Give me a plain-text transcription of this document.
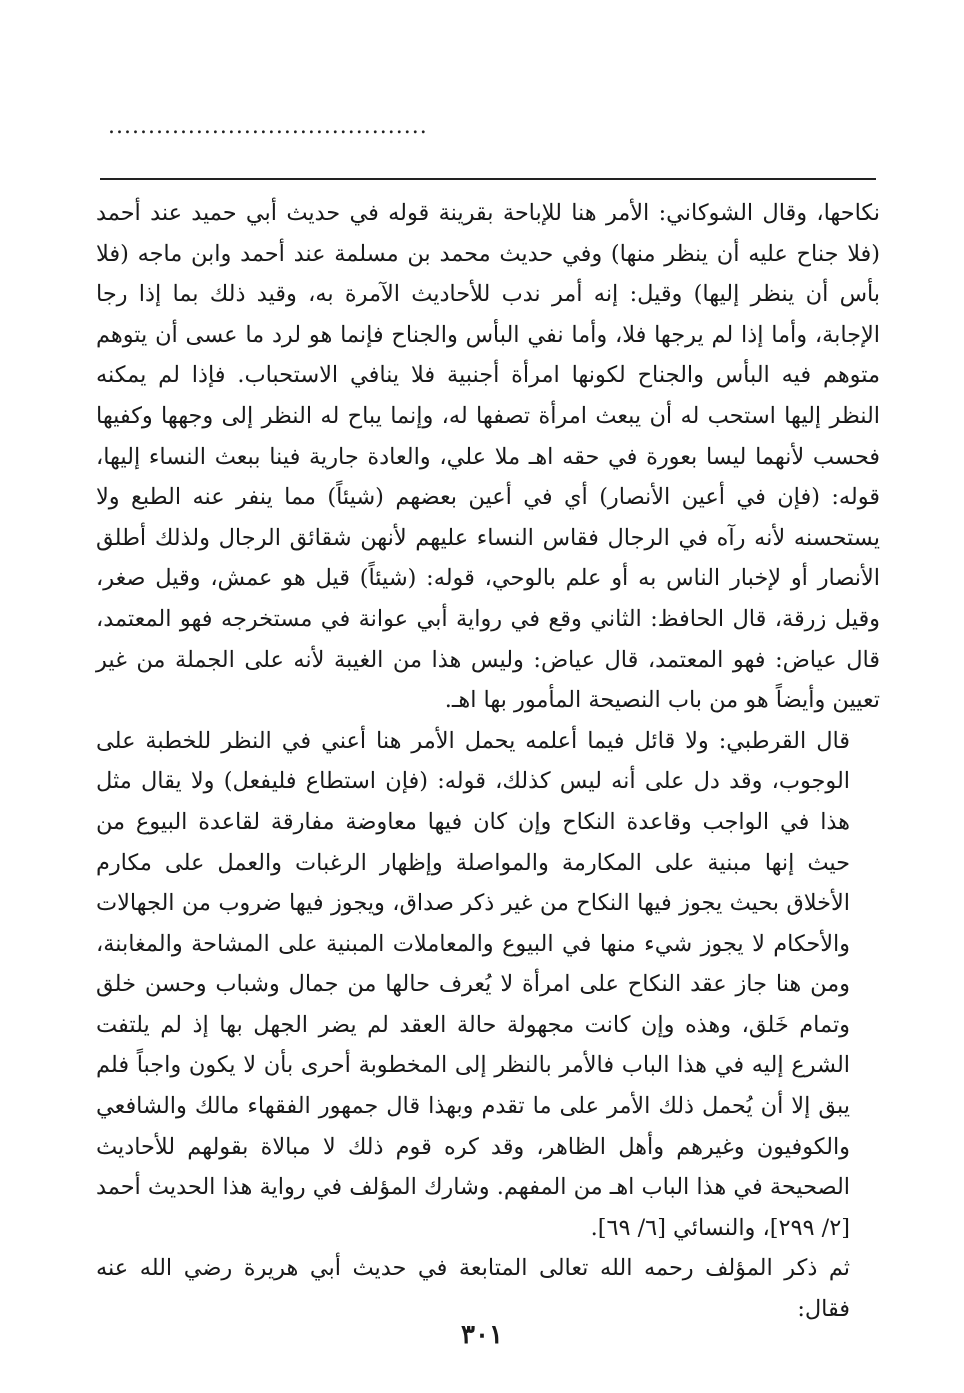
........................................

نكاحها، وقال الشوكاني: الأمر هنا للإباحة بقرينة قوله في حديث أبي حميد عند أحمد (فلا جناح عليه أن ينظر منها) وفي حديث محمد بن مسلمة عند أحمد وابن ماجه (فلا بأس أن ينظر إليها) وقيل: إنه أمر ندب للأحاديث الآمرة به، وقيد ذلك بما إذا رجا الإجابة، وأما إذا لم يرجها فلا، وأما نفي البأس والجناح فإنما هو لرد ما عسى أن يتوهم متوهم فيه البأس والجناح لكونها امرأة أجنبية فلا ينافي الاستحباب. فإذا لم يمكنه النظر إليها استحب له أن يبعث امرأة تصفها له، وإنما يباح له النظر إلى وجهها وكفيها فحسب لأنهما ليسا بعورة في حقه اهـ ملا علي، والعادة جارية فينا ببعث النساء إليها، قوله: (فإن في أعين الأنصار) أي في أعين بعضهم (شيئاً) مما ينفر عنه الطبع ولا يستحسنه لأنه رآه في الرجال فقاس النساء عليهم لأنهن شقائق الرجال ولذلك أطلق الأنصار أو لإخبار الناس به أو علم بالوحي، قوله: (شيئاً) قيل هو عمش، وقيل صغر، وقيل زرقة، قال الحافظ: الثاني وقع في رواية أبي عوانة في مستخرجه فهو المعتمد، قال عياض: فهو المعتمد، قال عياض: وليس هذا من الغيبة لأنه على الجملة من غير تعيين وأيضاً هو من باب النصيحة المأمور بها اهـ.

قال القرطبي: ولا قائل فيما أعلمه يحمل الأمر هنا أعني في النظر للخطبة على الوجوب، وقد دل على أنه ليس كذلك، قوله: (فإن استطاع فليفعل) ولا يقال مثل هذا في الواجب وقاعدة النكاح وإن كان فيها معاوضة مفارقة لقاعدة البيوع من حيث إنها مبنية على المكارمة والمواصلة وإظهار الرغبات والعمل على مكارم الأخلاق بحيث يجوز فيها النكاح من غير ذكر صداق، ويجوز فيها ضروب من الجهالات والأحكام لا يجوز شيء منها في البيوع والمعاملات المبنية على المشاحة والمغابنة، ومن هنا جاز عقد النكاح على امرأة لا يُعرف حالها من جمال وشباب وحسن خلق وتمام خَلق، وهذه وإن كانت مجهولة حالة العقد لم يضر الجهل بها إذ لم يلتفت الشرع إليه في هذا الباب فالأمر بالنظر إلى المخطوبة أحرى بأن لا يكون واجباً فلم يبق إلا أن يُحمل ذلك الأمر على ما تقدم وبهذا قال جمهور الفقهاء مالك والشافعي والكوفيون وغيرهم وأهل الظاهر، وقد كره قوم ذلك لا مبالاة بقولهم للأحاديث الصحيحة في هذا الباب اهـ من المفهم. وشارك المؤلف في رواية هذا الحديث أحمد [٢/ ٢٩٩]، والنسائي [٦/ ٦٩].

ثم ذكر المؤلف رحمه الله تعالى المتابعة في حديث أبي هريرة رضي الله عنه فقال:

٣٠١
